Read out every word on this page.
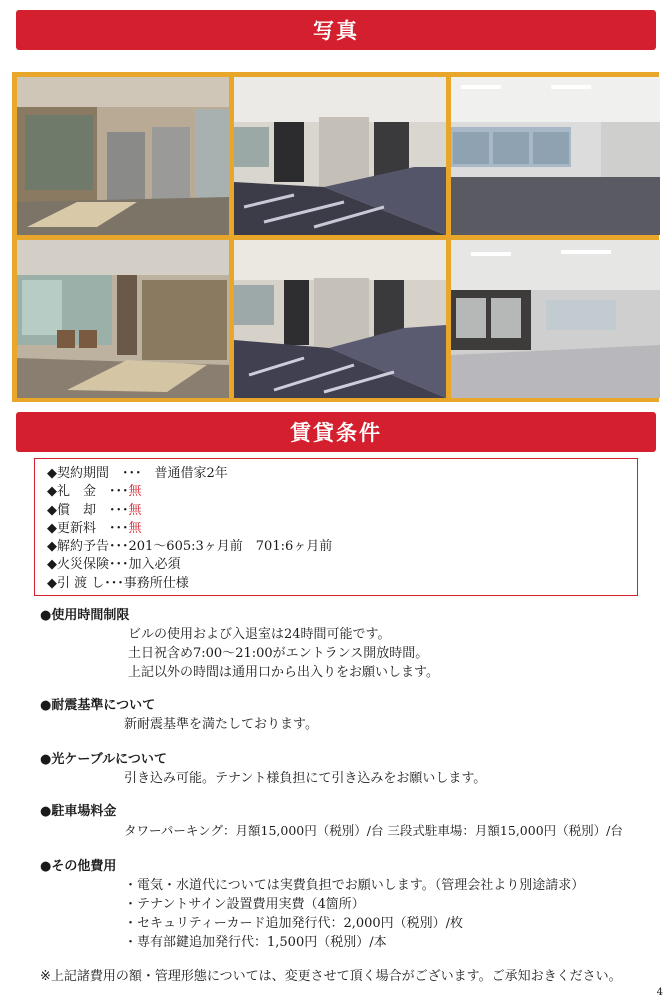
写真
賃貸条件
◆契約期間　･･･　普通借家2年
◆礼　金　･･･無
◆償　却　･･･無
◆更新料　･･･無
◆解約予告･･･201～605:3ヶ月前　701:6ヶ月前
◆火災保険･･･加入必須
◆引 渡 し･･･事務所仕様
●使用時間制限
ビルの使用および入退室は24時間可能です。
土日祝含め7:00～21:00がエントランス開放時間。
上記以外の時間は通用口から出入りをお願いします。
●耐震基準について
新耐震基準を満たしております。
●光ケーブルについて
引き込み可能。テナント様負担にて引き込みをお願いします。
●駐車場料金
タワーパーキング：月額15,000円（税別）/台 三段式駐車場：月額15,000円（税別）/台
●その他費用
・電気・水道代については実費負担でお願いします。（管理会社より別途請求）
・テナントサイン設置費用実費（4箇所）
・セキュリティーカード追加発行代：2,000円（税別）/枚
・専有部鍵追加発行代：1,500円（税別）/本
※上記諸費用の額・管理形態については、変更させて頂く場合がございます。ご承知おきください。
4
